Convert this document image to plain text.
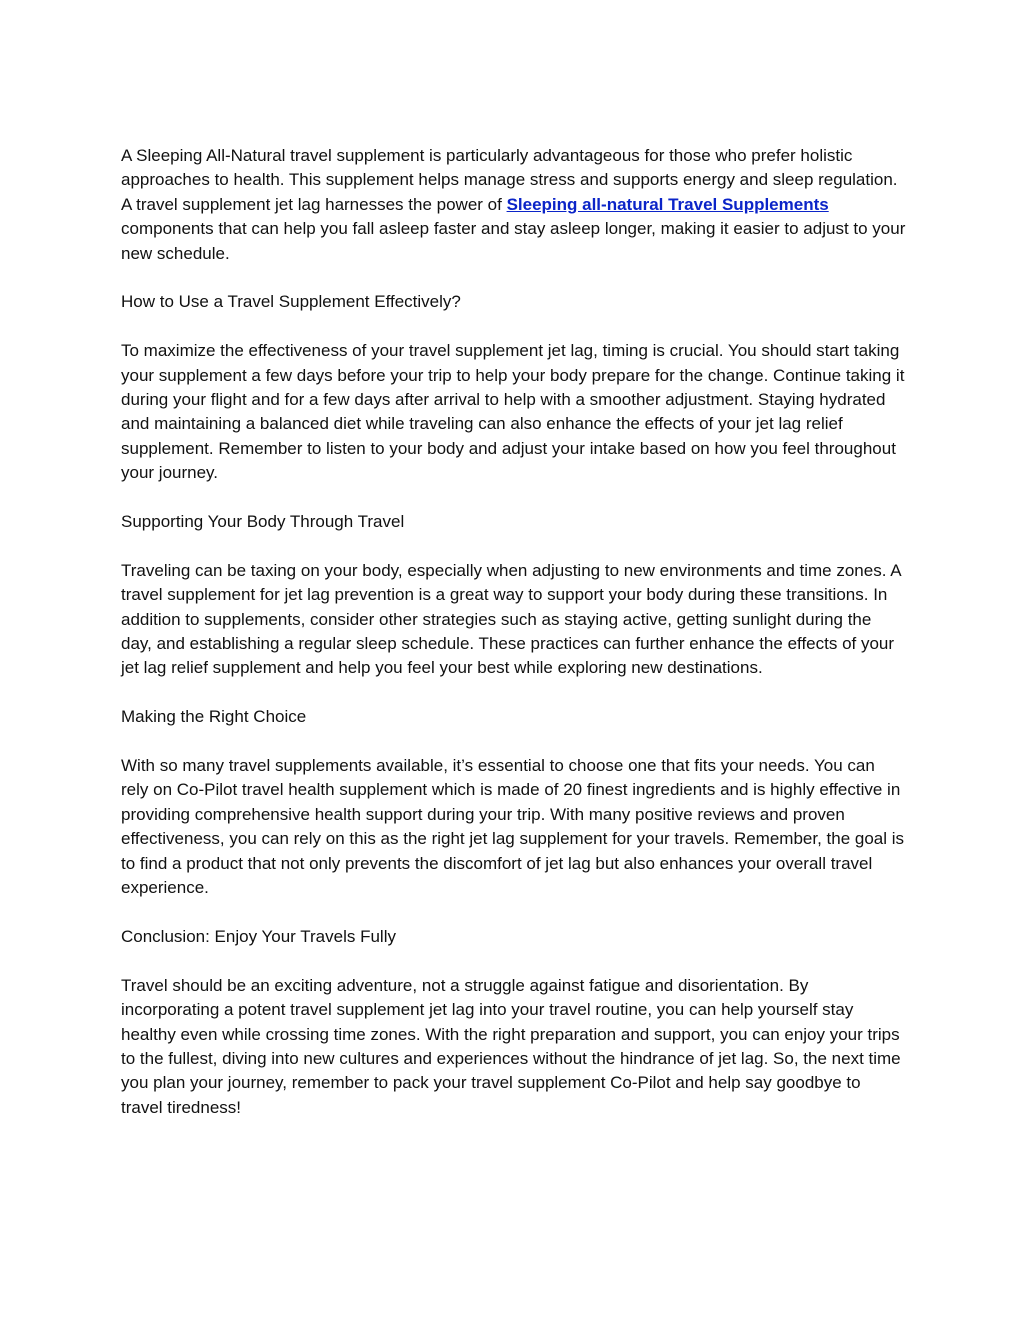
A Sleeping All-Natural travel supplement is particularly advantageous for those who prefer holistic approaches to health. This supplement helps manage stress and supports energy and sleep regulation. A travel supplement jet lag harnesses the power of Sleeping all-natural Travel Supplements components that can help you fall asleep faster and stay asleep longer, making it easier to adjust to your new schedule.

How to Use a Travel Supplement Effectively?

To maximize the effectiveness of your travel supplement jet lag, timing is crucial. You should start taking your supplement a few days before your trip to help your body prepare for the change. Continue taking it during your flight and for a few days after arrival to help with a smoother adjustment. Staying hydrated and maintaining a balanced diet while traveling can also enhance the effects of your jet lag relief supplement. Remember to listen to your body and adjust your intake based on how you feel throughout your journey.

Supporting Your Body Through Travel

Traveling can be taxing on your body, especially when adjusting to new environments and time zones. A travel supplement for jet lag prevention is a great way to support your body during these transitions. In addition to supplements, consider other strategies such as staying active, getting sunlight during the day, and establishing a regular sleep schedule. These practices can further enhance the effects of your jet lag relief supplement and help you feel your best while exploring new destinations.

Making the Right Choice

With so many travel supplements available, it’s essential to choose one that fits your needs. You can rely on Co-Pilot travel health supplement which is made of 20 finest ingredients and is highly effective in providing comprehensive health support during your trip. With many positive reviews and proven effectiveness, you can rely on this as the right jet lag supplement for your travels. Remember, the goal is to find a product that not only prevents the discomfort of jet lag but also enhances your overall travel experience.

Conclusion: Enjoy Your Travels Fully

Travel should be an exciting adventure, not a struggle against fatigue and disorientation. By incorporating a potent travel supplement jet lag into your travel routine, you can help yourself stay healthy even while crossing time zones. With the right preparation and support, you can enjoy your trips to the fullest, diving into new cultures and experiences without the hindrance of jet lag. So, the next time you plan your journey, remember to pack your travel supplement Co-Pilot and help say goodbye to travel tiredness!
